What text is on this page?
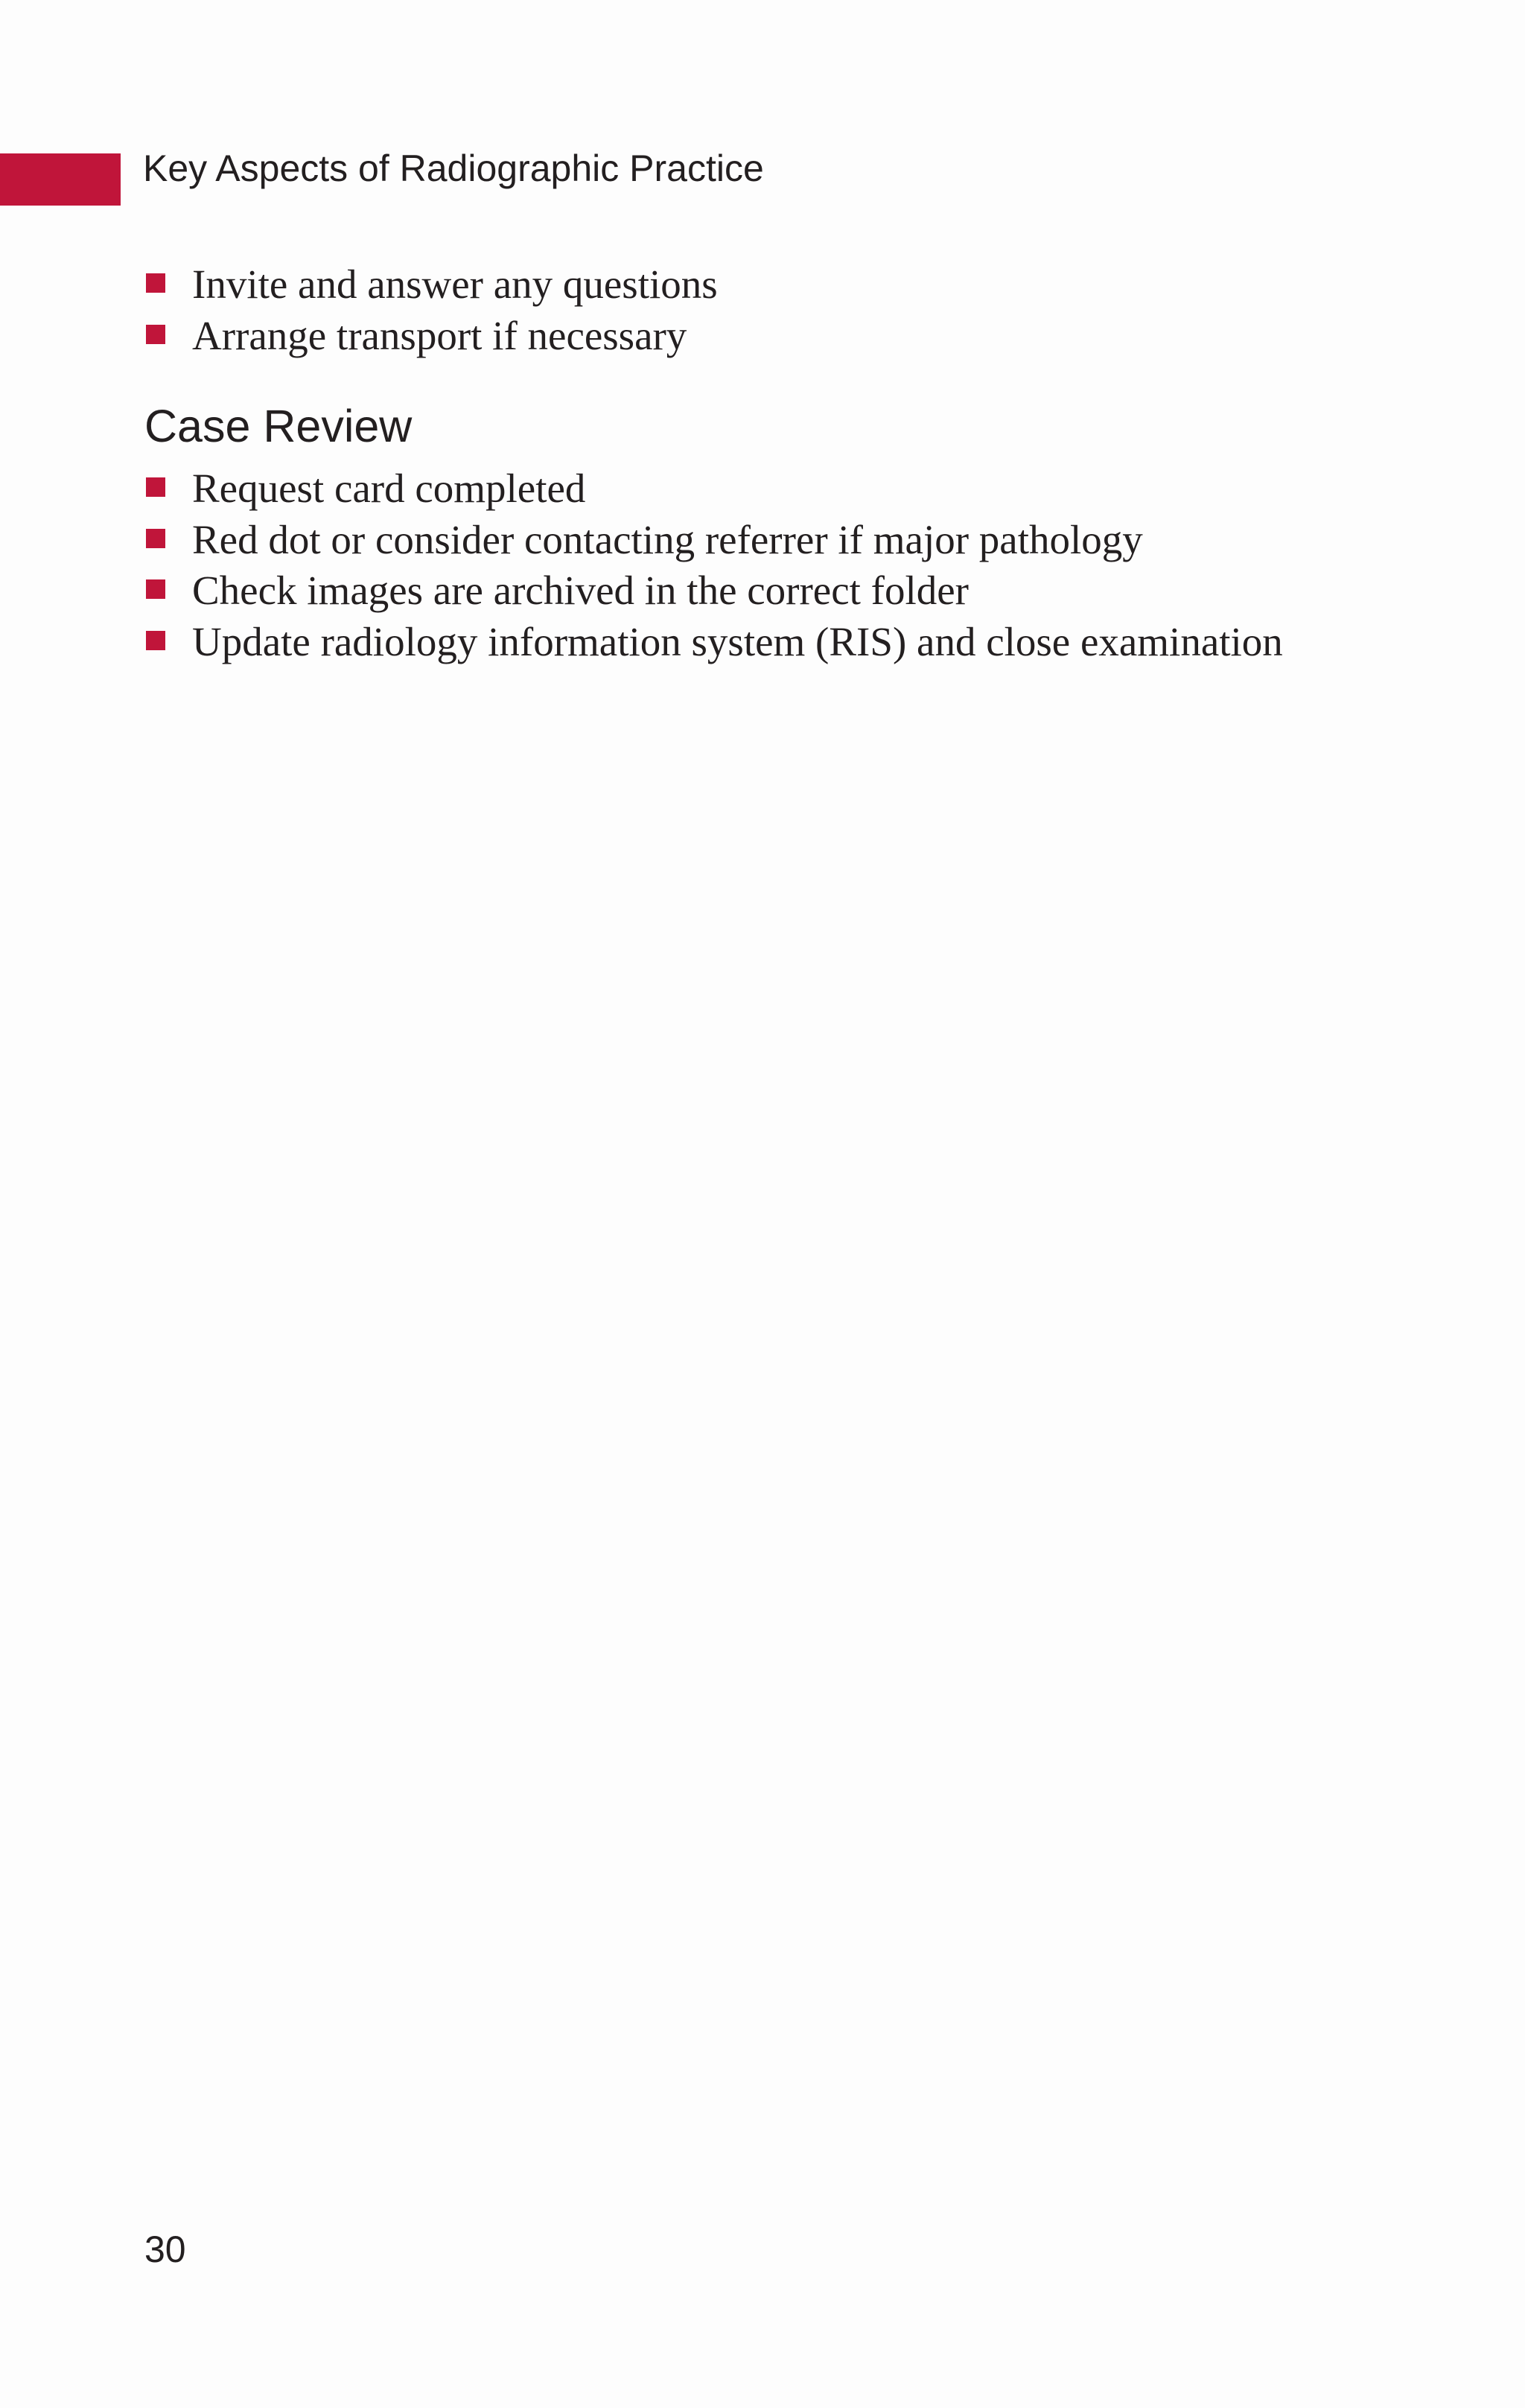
Key Aspects of Radiographic Practice
Invite and answer any questions
Arrange transport if necessary
Case Review
Request card completed
Red dot or consider contacting referrer if major pathology
Check images are archived in the correct folder
Update radiology information system (RIS) and close examination
30
